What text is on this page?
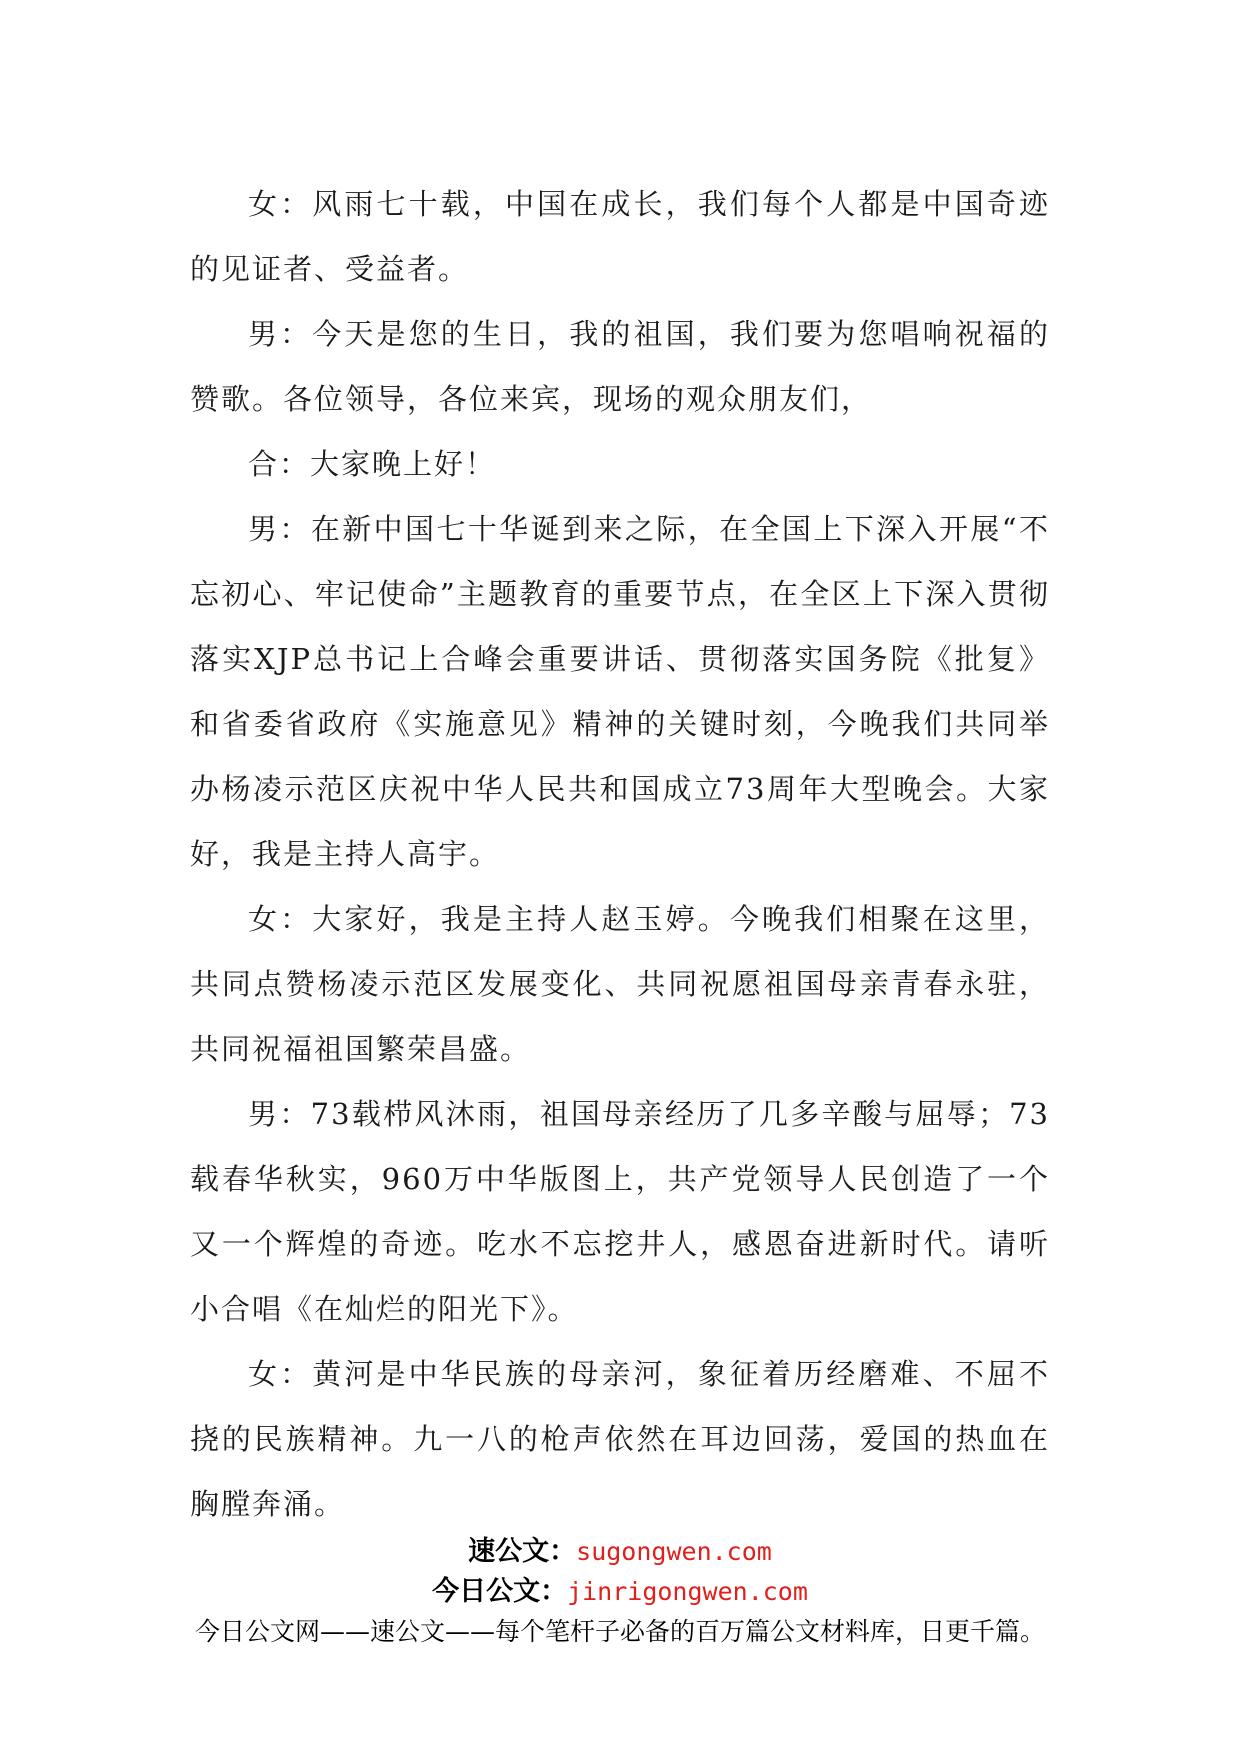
女：风雨七十载，中国在成长，我们每个人都是中国奇迹的见证者、受益者。

男：今天是您的生日，我的祖国，我们要为您唱响祝福的赞歌。各位领导，各位来宾，现场的观众朋友们，

合：大家晚上好！

男：在新中国七十华诞到来之际，在全国上下深入开展“不忘初心、牢记使命”主题教育的重要节点，在全区上下深入贯彻落实XJP总书记上合峰会重要讲话、贯彻落实国务院《批复》和省委省政府《实施意见》精神的关键时刻，今晚我们共同举办杨凌示范区庆祝中华人民共和国成立73周年大型晚会。大家好，我是主持人高宇。

女：大家好，我是主持人赵玉婷。今晚我们相聚在这里，共同点赞杨凌示范区发展变化、共同祝愿祖国母亲青春永驻，共同祝福祖国繁荣昌盛。

男：73载栉风沐雨，祖国母亲经历了几多辛酸与屈辱；73载春华秋实，960万中华版图上，共产党领导人民创造了一个又一个辉煌的奇迹。吃水不忘挖井人，感恩奋进新时代。请听小合唱《在灿烂的阳光下》。

女：黄河是中华民族的母亲河，象征着历经磨难、不屈不挠的民族精神。九一八的枪声依然在耳边回荡，爱国的热血在胸膛奔涌。

速公文：sugongwen.com
今日公文：jinrigongwen.com
今日公文网——速公文——每个笔杆子必备的百万篇公文材料库，日更千篇。
